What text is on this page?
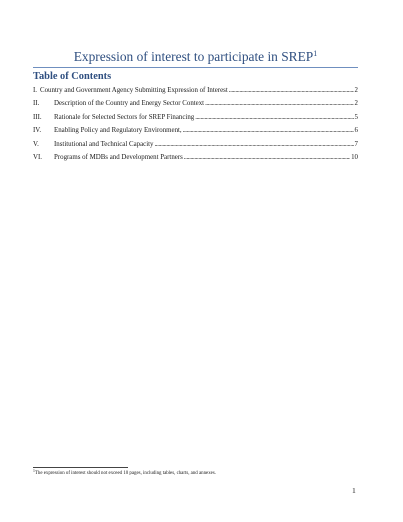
Expression of interest to participate in SREP$^1$
Table of Contents
I. Country and Government Agency Submitting Expression of Interest .....	2
II.	Description of the Country and Energy Sector Context .....	2
III.	Rationale for Selected Sectors for SREP Financing .....	5
IV.	Enabling Policy and Regulatory Environment, .....	6
V.	Institutional and Technical Capacity .....	7
VI.	Programs of MDBs and Development Partners .....	10
$^1$The expression of interest should not exceed 10 pages, including tables, charts, and annexes.
1
